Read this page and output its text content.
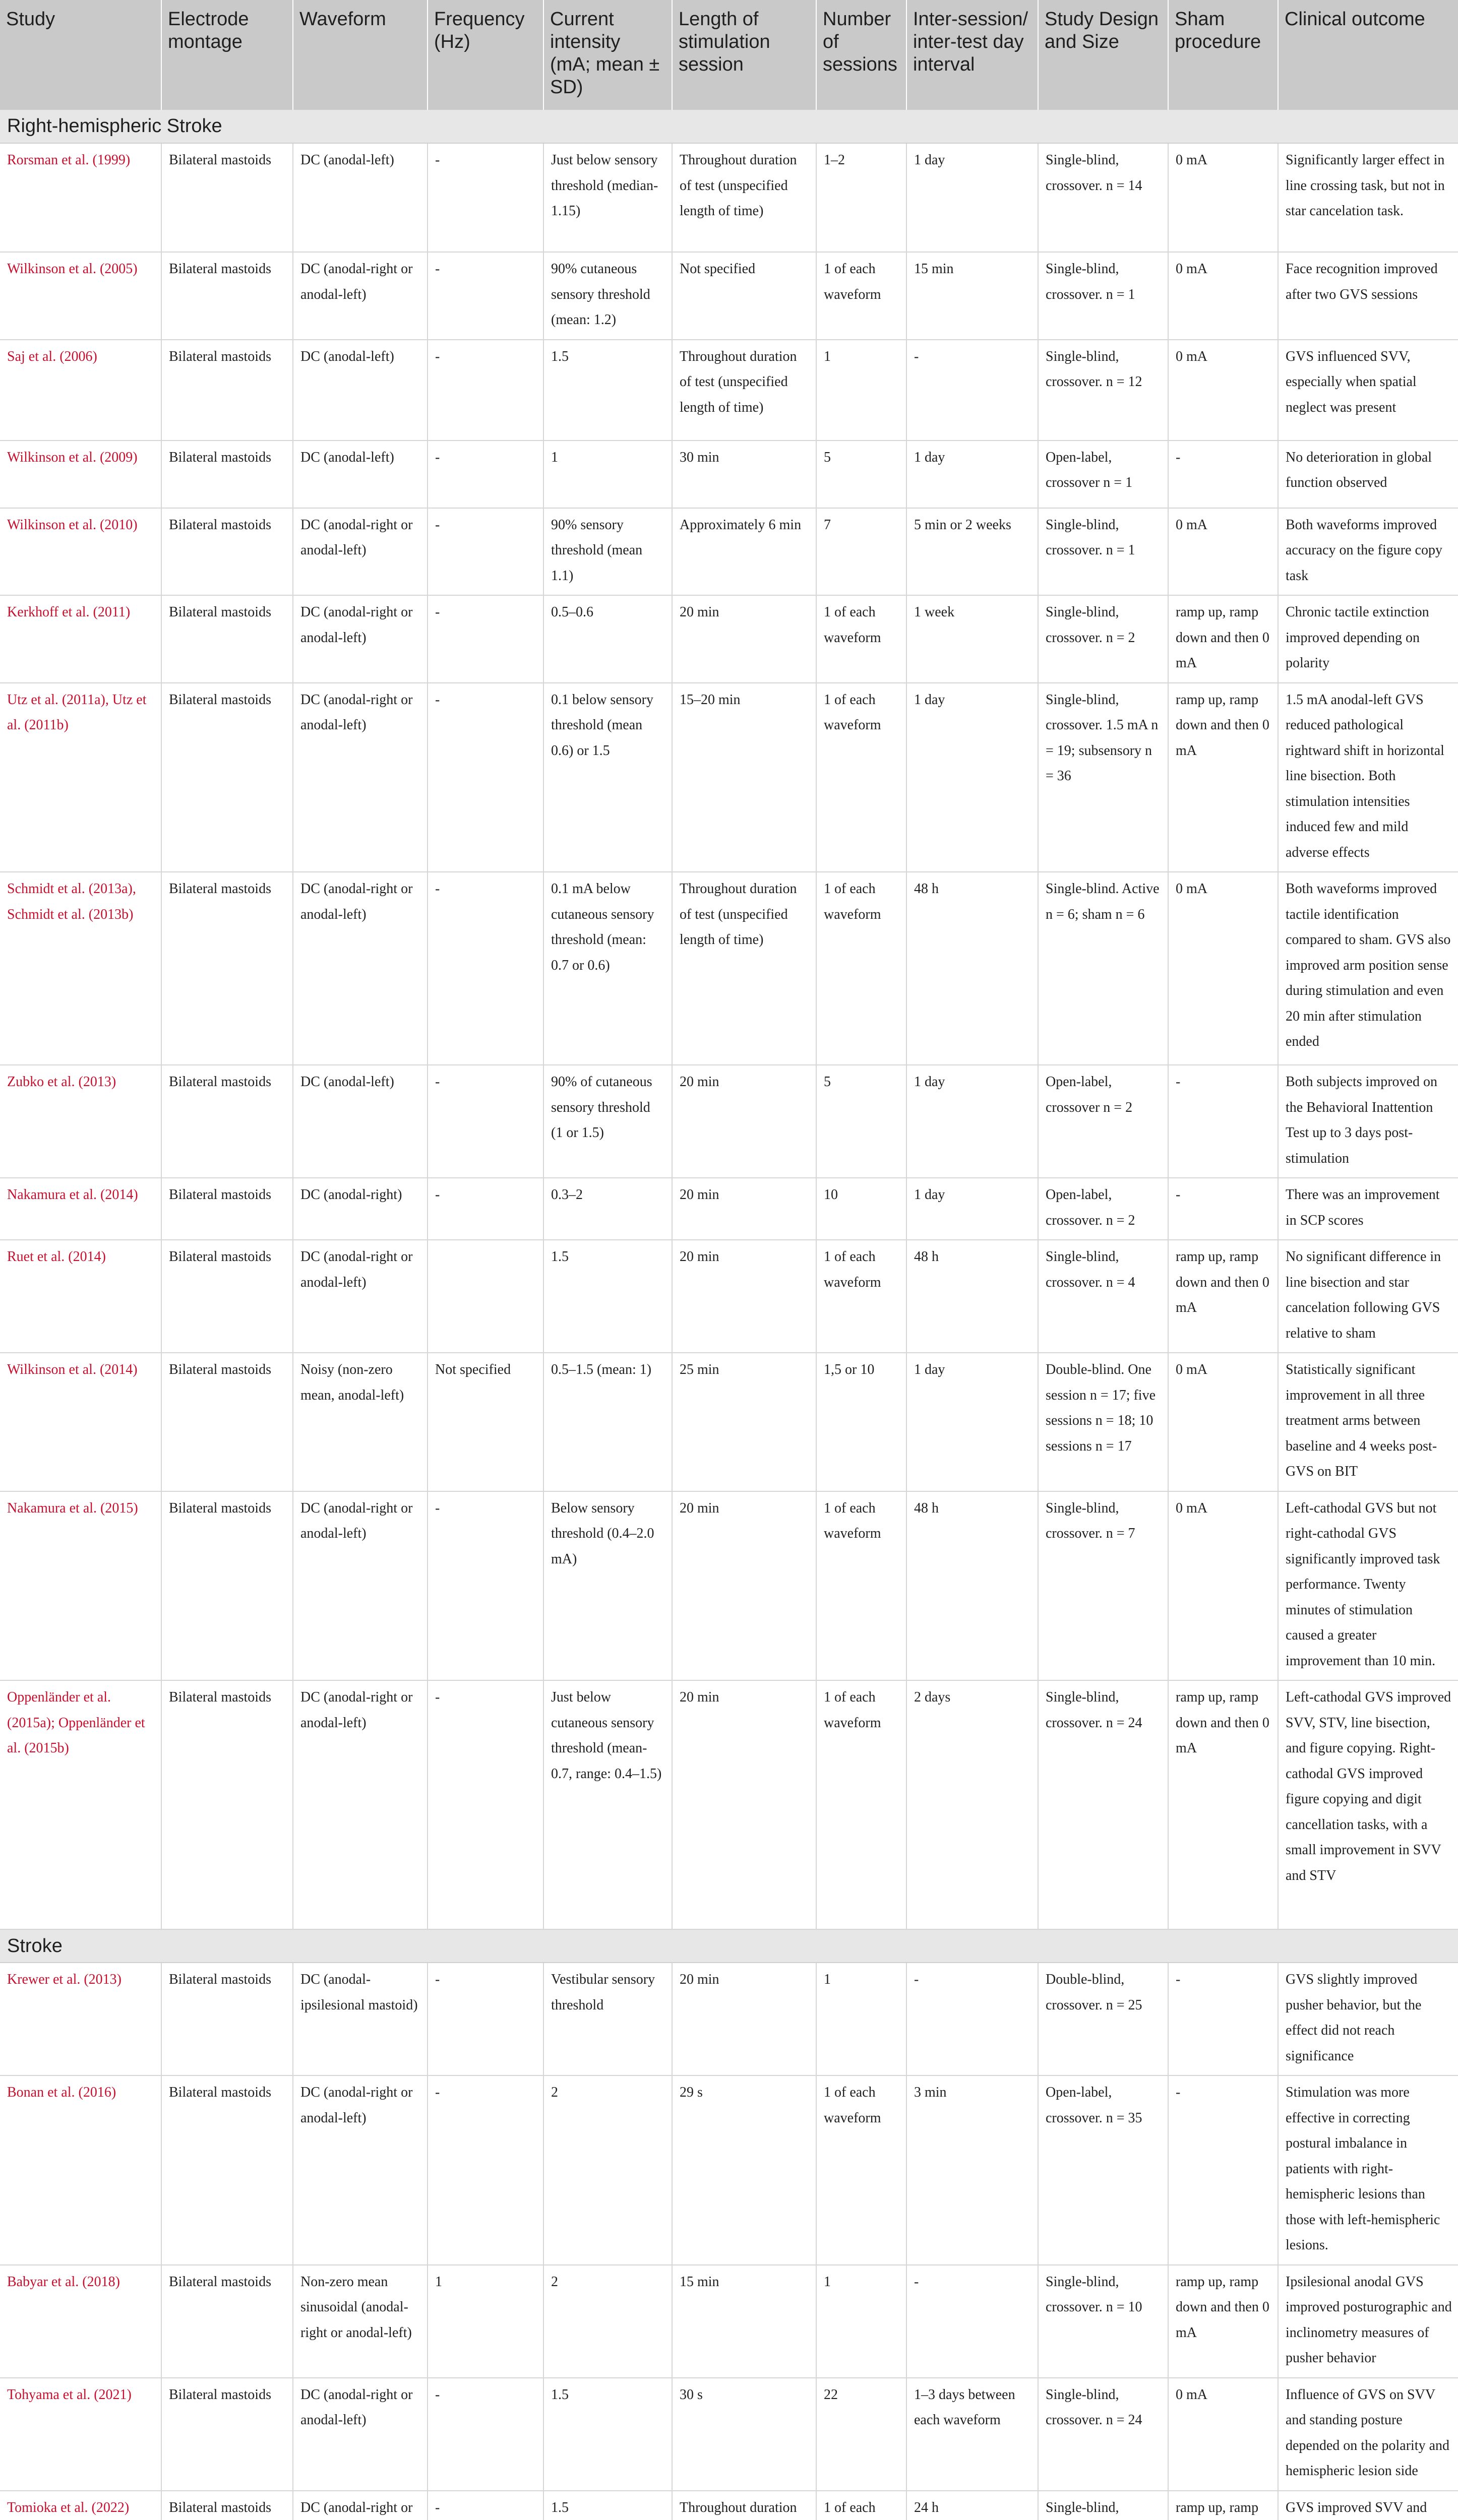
Study	Electrode montage	Waveform	Frequency (Hz)	Current intensity (mA; mean ± SD)	Length of stimulation session	Number of sessions	Inter-session/ inter-test day interval	Study Design and Size	Sham procedure	Clinical outcome
Right-hemispheric Stroke										
Rorsman et al. (1999)	Bilateral mastoids	DC (anodal-left)	-	Just below sensory threshold (median-1.15)	Throughout duration of test (unspecified length of time)	1–2	1 day	Single-blind, crossover. n = 14	0 mA	Significantly larger effect in line crossing task, but not in star cancelation task.
Wilkinson et al. (2005)	Bilateral mastoids	DC (anodal-right or anodal-left)	-	90% cutaneous sensory threshold (mean: 1.2)	Not specified	1 of each waveform	15 min	Single-blind, crossover. n = 1	0 mA	Face recognition improved after two GVS sessions
Saj et al. (2006)	Bilateral mastoids	DC (anodal-left)	-	1.5	Throughout duration of test (unspecified length of time)	1	-	Single-blind, crossover. n = 12	0 mA	GVS influenced SVV, especially when spatial neglect was present
Wilkinson et al. (2009)	Bilateral mastoids	DC (anodal-left)	-	1	30 min	5	1 day	Open-label, crossover n = 1	-	No deterioration in global function observed
Wilkinson et al. (2010)	Bilateral mastoids	DC (anodal-right or anodal-left)	-	90% sensory threshold (mean 1.1)	Approximately 6 min	7	5 min or 2 weeks	Single-blind, crossover. n = 1	0 mA	Both waveforms improved accuracy on the figure copy task
Kerkhoff et al. (2011)	Bilateral mastoids	DC (anodal-right or anodal-left)	-	0.5–0.6	20 min	1 of each waveform	1 week	Single-blind, crossover. n = 2	ramp up, ramp down and then 0 mA	Chronic tactile extinction improved depending on polarity
Utz et al. (2011a), Utz et al. (2011b)	Bilateral mastoids	DC (anodal-right or anodal-left)	-	0.1 below sensory threshold (mean 0.6) or 1.5	15–20 min	1 of each waveform	1 day	Single-blind, crossover. 1.5 mA n = 19; subsensory n = 36	ramp up, ramp down and then 0 mA	1.5 mA anodal-left GVS reduced pathological rightward shift in horizontal line bisection. Both stimulation intensities induced few and mild adverse effects
Schmidt et al. (2013a), Schmidt et al. (2013b)	Bilateral mastoids	DC (anodal-right or anodal-left)	-	0.1 mA below cutaneous sensory threshold (mean: 0.7 or 0.6)	Throughout duration of test (unspecified length of time)	1 of each waveform	48 h	Single-blind. Active n = 6; sham n = 6	0 mA	Both waveforms improved tactile identification compared to sham. GVS also improved arm position sense during stimulation and even 20 min after stimulation ended
Zubko et al. (2013)	Bilateral mastoids	DC (anodal-left)	-	90% of cutaneous sensory threshold (1 or 1.5)	20 min	5	1 day	Open-label, crossover n = 2	-	Both subjects improved on the Behavioral Inattention Test up to 3 days post-stimulation
Nakamura et al. (2014)	Bilateral mastoids	DC (anodal-right)	-	0.3–2	20 min	10	1 day	Open-label, crossover. n = 2	-	There was an improvement in SCP scores
Ruet et al. (2014)	Bilateral mastoids	DC (anodal-right or anodal-left)		1.5	20 min	1 of each waveform	48 h	Single-blind, crossover. n = 4	ramp up, ramp down and then 0 mA	No significant difference in line bisection and star cancelation following GVS relative to sham
Wilkinson et al. (2014)	Bilateral mastoids	Noisy (non-zero mean, anodal-left)	Not specified	0.5–1.5 (mean: 1)	25 min	1,5 or 10	1 day	Double-blind. One session n = 17; five sessions n = 18; 10 sessions n = 17	0 mA	Statistically significant improvement in all three treatment arms between baseline and 4 weeks post-GVS on BIT
Nakamura et al. (2015)	Bilateral mastoids	DC (anodal-right or anodal-left)	-	Below sensory threshold (0.4–2.0 mA)	20 min	1 of each waveform	48 h	Single-blind, crossover. n = 7	0 mA	Left-cathodal GVS but not right-cathodal GVS significantly improved task performance. Twenty minutes of stimulation caused a greater improvement than 10 min.
Oppenländer et al. (2015a); Oppenländer et al. (2015b)	Bilateral mastoids	DC (anodal-right or anodal-left)	-	Just below cutaneous sensory threshold (mean-0.7, range: 0.4–1.5)	20 min	1 of each waveform	2 days	Single-blind, crossover. n = 24	ramp up, ramp down and then 0 mA	Left-cathodal GVS improved SVV, STV, line bisection, and figure copying. Right-cathodal GVS improved figure copying and digit cancellation tasks, with a small improvement in SVV and STV
Stroke										
Krewer et al. (2013)	Bilateral mastoids	DC (anodal-ipsilesional mastoid)	-	Vestibular sensory threshold	20 min	1	-	Double-blind, crossover. n = 25	-	GVS slightly improved pusher behavior, but the effect did not reach significance
Bonan et al. (2016)	Bilateral mastoids	DC (anodal-right or anodal-left)	-	2	29 s	1 of each waveform	3 min	Open-label, crossover. n = 35	-	Stimulation was more effective in correcting postural imbalance in patients with right-hemispheric lesions than those with left-hemispheric lesions.
Babyar et al. (2018)	Bilateral mastoids	Non-zero mean sinusoidal (anodal-right or anodal-left)	1	2	15 min	1	-	Single-blind, crossover. n = 10	ramp up, ramp down and then 0 mA	Ipsilesional anodal GVS improved posturographic and inclinometry measures of pusher behavior
Tohyama et al. (2021)	Bilateral mastoids	DC (anodal-right or anodal-left)	-	1.5	30 s	22	1–3 days between each waveform	Single-blind, crossover. n = 24	0 mA	Influence of GVS on SVV and standing posture depended on the polarity and hemispheric lesion side
Tomioka et al. (2022)	Bilateral mastoids	DC (anodal-right or	-	1.5	Throughout duration	1 of each	24 h	Single-blind,	ramp up, ramp	GVS improved SVV and
